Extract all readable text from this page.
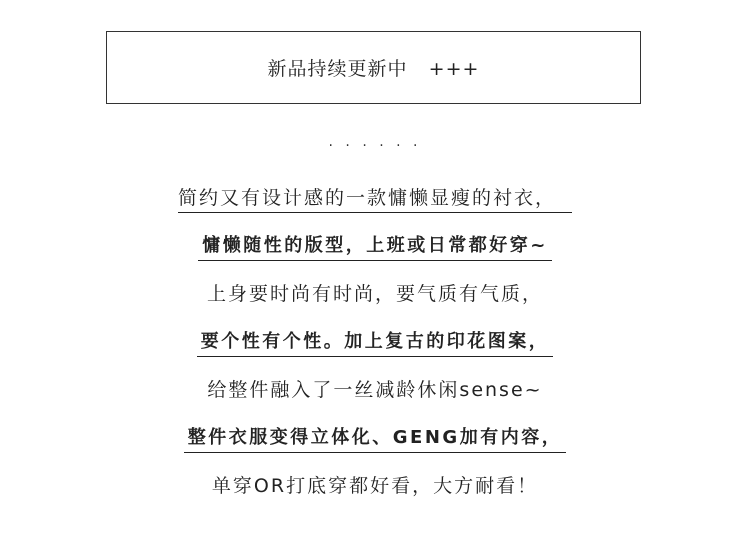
新品持续更新中   +++
· · · · · ·
简约又有设计感的一款慵懒显瘦的衬衣，
慵懒随性的版型，上班或日常都好穿~
上身要时尚有时尚，要气质有气质，
要个性有个性。加上复古的印花图案，
给整件融入了一丝减龄休闲sense~
整件衣服变得立体化、GENG加有内容，
单穿OR打底穿都好看，大方耐看！
